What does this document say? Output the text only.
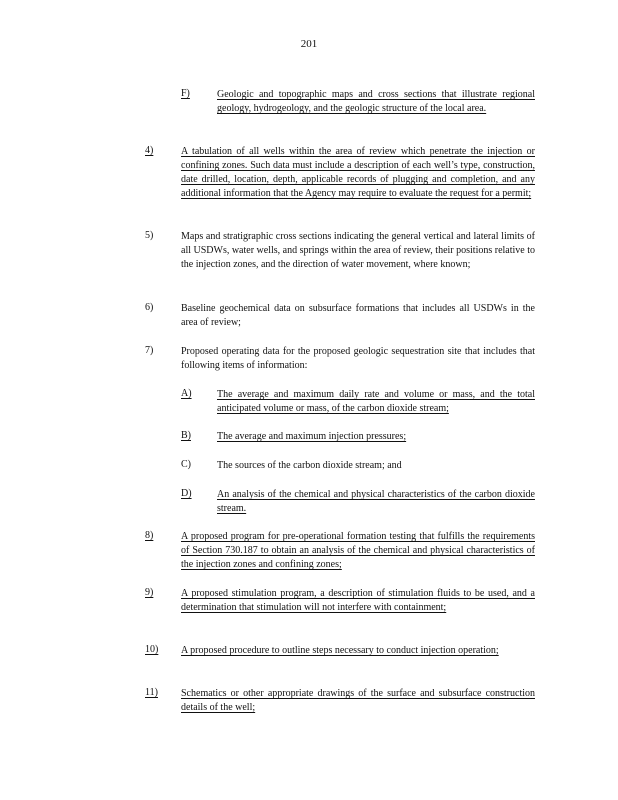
201
F)	Geologic and topographic maps and cross sections that illustrate regional geology, hydrogeology, and the geologic structure of the local area.
4)	A tabulation of all wells within the area of review which penetrate the injection or confining zones. Such data must include a description of each well’s type, construction, date drilled, location, depth, applicable records of plugging and completion, and any additional information that the Agency may require to evaluate the request for a permit;
5)	Maps and stratigraphic cross sections indicating the general vertical and lateral limits of all USDWs, water wells, and springs within the area of review, their positions relative to the injection zones, and the direction of water movement, where known;
6)	Baseline geochemical data on subsurface formations that includes all USDWs in the area of review;
7)	Proposed operating data for the proposed geologic sequestration site that includes that following items of information:
A)	The average and maximum daily rate and volume or mass, and the total anticipated volume or mass, of the carbon dioxide stream;
B)	The average and maximum injection pressures;
C)	The sources of the carbon dioxide stream; and
D)	An analysis of the chemical and physical characteristics of the carbon dioxide stream.
8)	A proposed program for pre-operational formation testing that fulfills the requirements of Section 730.187 to obtain an analysis of the chemical and physical characteristics of the injection zones and confining zones;
9)	A proposed stimulation program, a description of stimulation fluids to be used, and a determination that stimulation will not interfere with containment;
10) A proposed procedure to outline steps necessary to conduct injection operation;
11) Schematics or other appropriate drawings of the surface and subsurface construction details of the well;
